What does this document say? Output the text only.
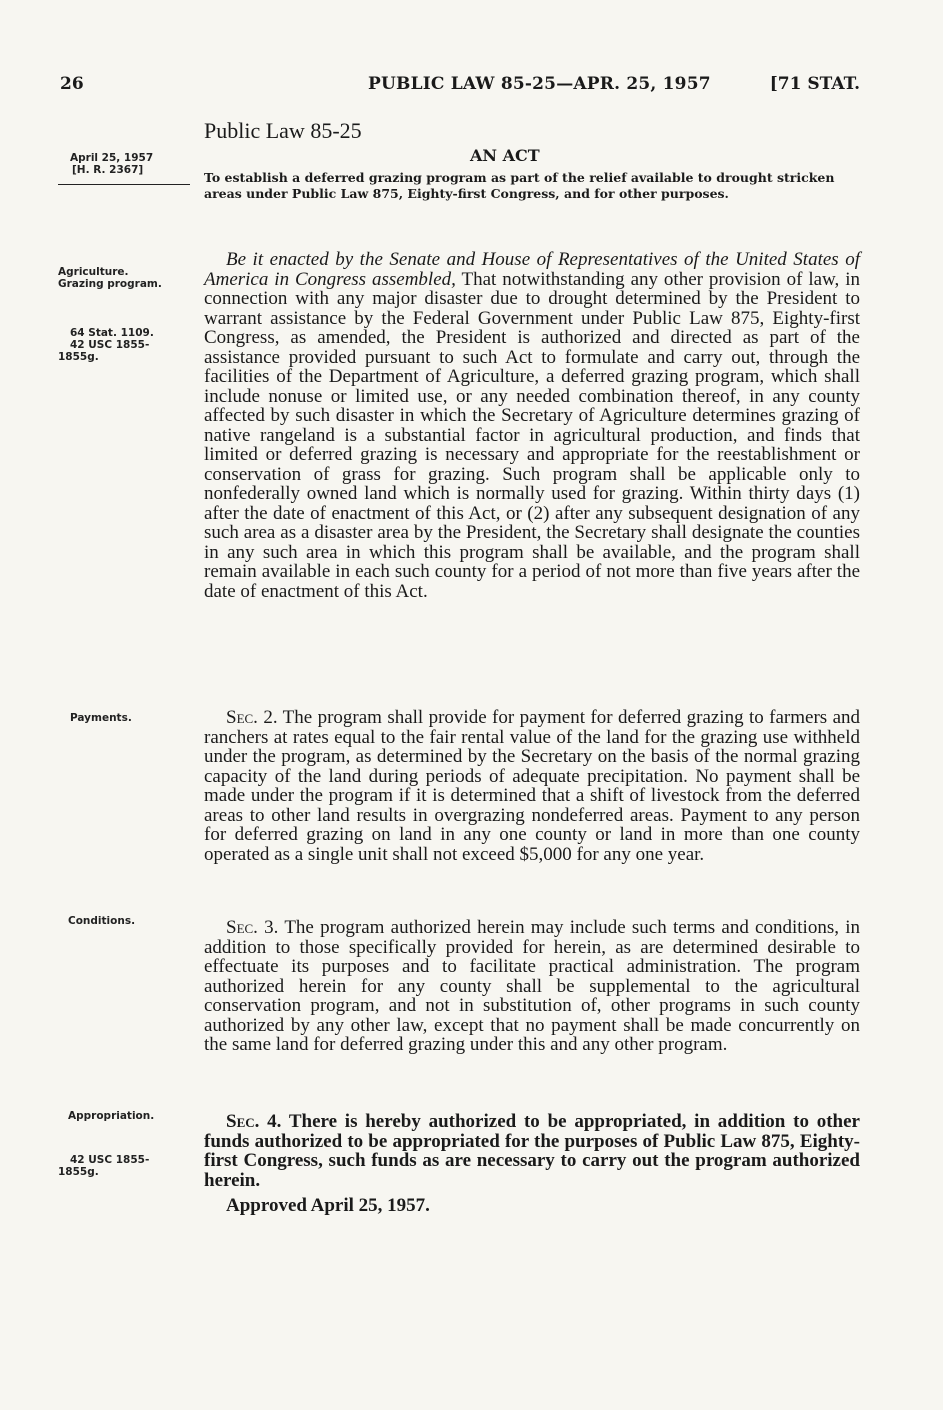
26	PUBLIC LAW 85-25—APR. 25, 1957	[71 STAT.
Public Law 85-25
AN ACT
To establish a deferred grazing program as part of the relief available to drought stricken areas under Public Law 875, Eighty-first Congress, and for other purposes.
April 25, 1957
[H. R. 2367]
Agriculture.
Grazing program.
64 Stat. 1109.
42 USC 1855-
1855g.
Payments.
Conditions.
Appropriation.
42 USC 1855-
1855g.

Be it enacted by the Senate and House of Representatives of the United States of America in Congress assembled, That notwithstanding any other provision of law, in connection with any major disaster due to drought determined by the President to warrant assistance by the Federal Government under Public Law 875, Eighty-first Congress, as amended, the President is authorized and directed as part of the assistance provided pursuant to such Act to formulate and carry out, through the facilities of the Department of Agriculture, a deferred grazing program, which shall include nonuse or limited use, or any needed combination thereof, in any county affected by such disaster in which the Secretary of Agriculture determines grazing of native rangeland is a substantial factor in agricultural production, and finds that limited or deferred grazing is necessary and appropriate for the reestablishment or conservation of grass for grazing. Such program shall be applicable only to nonfederally owned land which is normally used for grazing. Within thirty days (1) after the date of enactment of this Act, or (2) after any subsequent designation of any such area as a disaster area by the President, the Secretary shall designate the counties in any such area in which this program shall be available, and the program shall remain available in each such county for a period of not more than five years after the date of enactment of this Act.

Sec. 2. The program shall provide for payment for deferred grazing to farmers and ranchers at rates equal to the fair rental value of the land for the grazing use withheld under the program, as determined by the Secretary on the basis of the normal grazing capacity of the land during periods of adequate precipitation. No payment shall be made under the program if it is determined that a shift of livestock from the deferred areas to other land results in overgrazing nondeferred areas. Payment to any person for deferred grazing on land in any one county or land in more than one county operated as a single unit shall not exceed $5,000 for any one year.

Sec. 3. The program authorized herein may include such terms and conditions, in addition to those specifically provided for herein, as are determined desirable to effectuate its purposes and to facilitate practical administration. The program authorized herein for any county shall be supplemental to the agricultural conservation program, and not in substitution of, other programs in such county authorized by any other law, except that no payment shall be made concurrently on the same land for deferred grazing under this and any other program.

Sec. 4. There is hereby authorized to be appropriated, in addition to other funds authorized to be appropriated for the purposes of Public Law 875, Eighty-first Congress, such funds as are necessary to carry out the program authorized herein.

Approved April 25, 1957.
